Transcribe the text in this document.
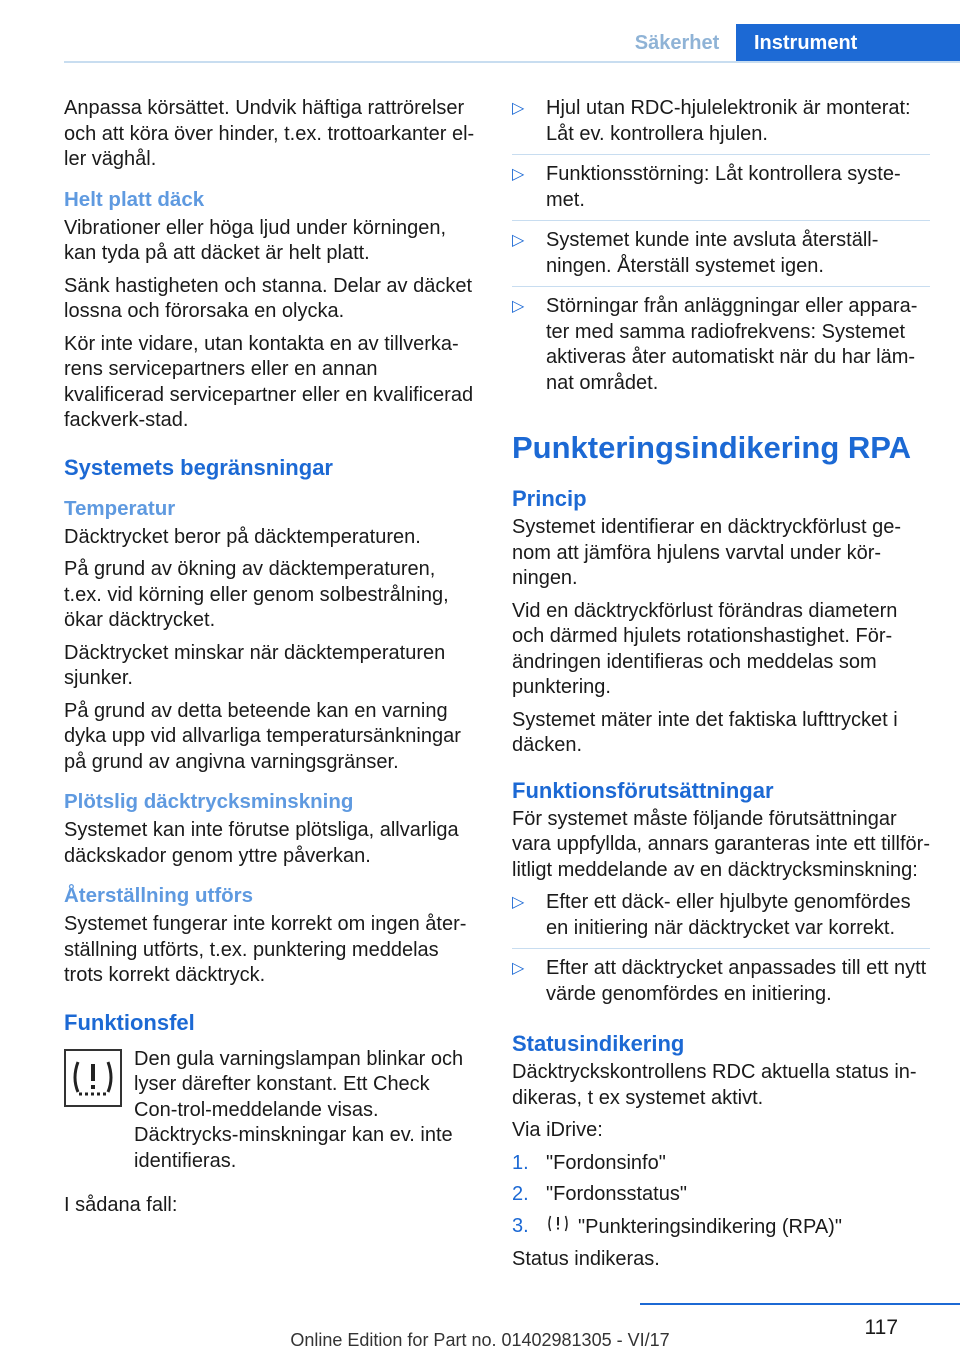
Säkerhet	Instrument

Anpassa körsättet. Undvik häftiga rattrörelser och att köra över hinder, t.ex. trottoarkanter el-ler väghål.

Helt platt däck

Vibrationer eller höga ljud under körningen, kan tyda på att däcket är helt platt.

Sänk hastigheten och stanna. Delar av däcket lossna och förorsaka en olycka.

Kör inte vidare, utan kontakta en av tillverka-rens servicepartners eller en annan kvalificerad servicepartner eller en kvalificerad fackverk-stad.

Systemets begränsningar
Temperatur

Däcktrycket beror på däcktemperaturen.

På grund av ökning av däcktemperaturen, t.ex. vid körning eller genom solbestrålning, ökar däcktrycket.

Däcktrycket minskar när däcktemperaturen sjunker.

På grund av detta beteende kan en varning dyka upp vid allvarliga temperatursänkningar på grund av angivna varningsgränser.

Plötslig däcktrycksminskning

Systemet kan inte förutse plötsliga, allvarliga däckskador genom yttre påverkan.

Återställning utförs

Systemet fungerar inte korrekt om ingen åter-ställning utförts, t.ex. punktering meddelas trots korrekt däcktryck.

Funktionsfel

Den gula varningslampan blinkar och lyser därefter konstant. Ett Check Con-trol-meddelande visas. Däcktrycks-minskningar kan ev. inte identifieras.

I sådana fall:

▷ Hjul utan RDC-hjulelektronik är monterat: Låt ev. kontrollera hjulen.
▷ Funktionsstörning: Låt kontrollera syste-met.
▷ Systemet kunde inte avsluta återställ-ningen. Återställ systemet igen.
▷ Störningar från anläggningar eller appara-ter med samma radiofrekvens: Systemet aktiveras åter automatiskt när du har läm-nat området.
Punkteringsindikering RPA
Princip

Systemet identifierar en däcktryckförlust ge-nom att jämföra hjulens varvtal under kör-ningen.

Vid en däcktryckförlust förändras diametern och därmed hjulets rotationshastighet. För-ändringen identifieras och meddelas som punktering.

Systemet mäter inte det faktiska lufttrycket i däcken.

Funktionsförutsättningar

För systemet måste följande förutsättningar vara uppfyllda, annars garanteras inte ett tillför-litligt meddelande av en däcktrycksminskning:

▷ Efter ett däck- eller hjulbyte genomfördes en initiering när däcktrycket var korrekt.
▷ Efter att däcktrycket anpassades till ett nytt värde genomfördes en initiering.
Statusindikering

Däcktryckskontrollens RDC aktuella status in-dikeras, t ex systemet aktivt.

Via iDrive:

1. "Fordonsinfo"
2. "Fordonsstatus"
3. "Punkteringsindikering (RPA)"

Status indikeras.

117
Online Edition for Part no. 01402981305 - VI/17
